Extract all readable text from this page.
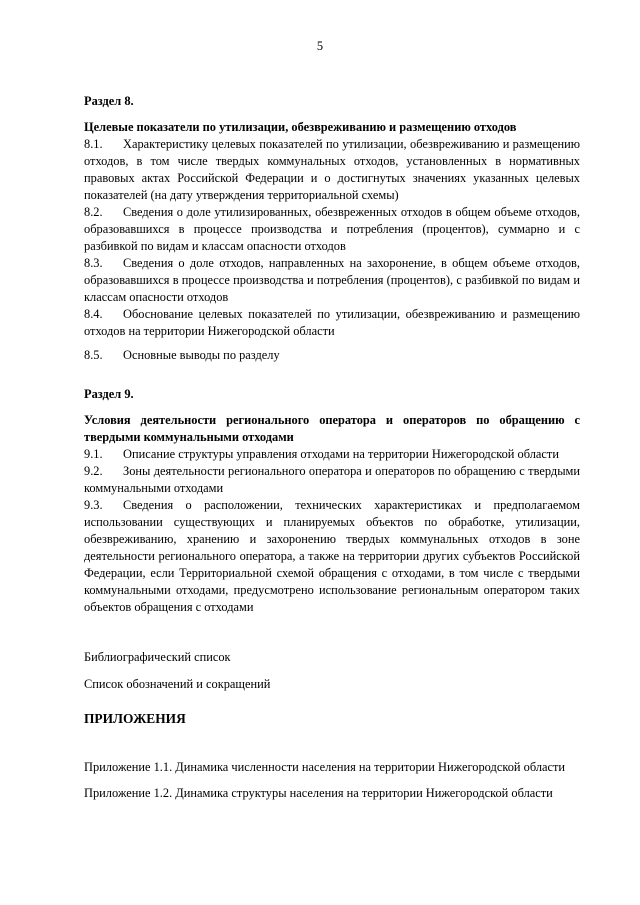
5
Раздел 8.
Целевые показатели по утилизации, обезвреживанию и размещению отходов
8.1. Характеристику целевых показателей по утилизации, обезвреживанию и размещению отходов, в том числе твердых коммунальных отходов, установленных в нормативных правовых актах Российской Федерации и о достигнутых значениях указанных целевых показателей (на дату утверждения территориальной схемы)
8.2. Сведения о доле утилизированных, обезвреженных отходов в общем объеме отходов, образовавшихся в процессе производства и потребления (процентов), суммарно и с разбивкой по видам и классам опасности отходов
8.3. Сведения о доле отходов, направленных на захоронение, в общем объеме отходов, образовавшихся в процессе производства и потребления (процентов), с разбивкой по видам и классам опасности отходов
8.4. Обоснование целевых показателей по утилизации, обезвреживанию и размещению отходов на территории Нижегородской области
8.5. Основные выводы по разделу
Раздел 9.
Условия деятельности регионального оператора и операторов по обращению с твердыми коммунальными отходами
9.1. Описание структуры управления отходами на территории Нижегородской области
9.2. Зоны деятельности регионального оператора и операторов по обращению с твердыми коммунальными отходами
9.3. Сведения о расположении, технических характеристиках и предполагаемом использовании существующих и планируемых объектов по обработке, утилизации, обезвреживанию, хранению и захоронению твердых коммунальных отходов в зоне деятельности регионального оператора, а также на территории других субъектов Российской Федерации, если Территориальной схемой обращения с отходами, в том числе с твердыми коммунальными отходами, предусмотрено использование региональным оператором таких объектов обращения с отходами
Библиографический список
Список обозначений и сокращений
ПРИЛОЖЕНИЯ
Приложение 1.1. Динамика численности населения на территории Нижегородской области
Приложение 1.2. Динамика структуры населения на территории Нижегородской области
